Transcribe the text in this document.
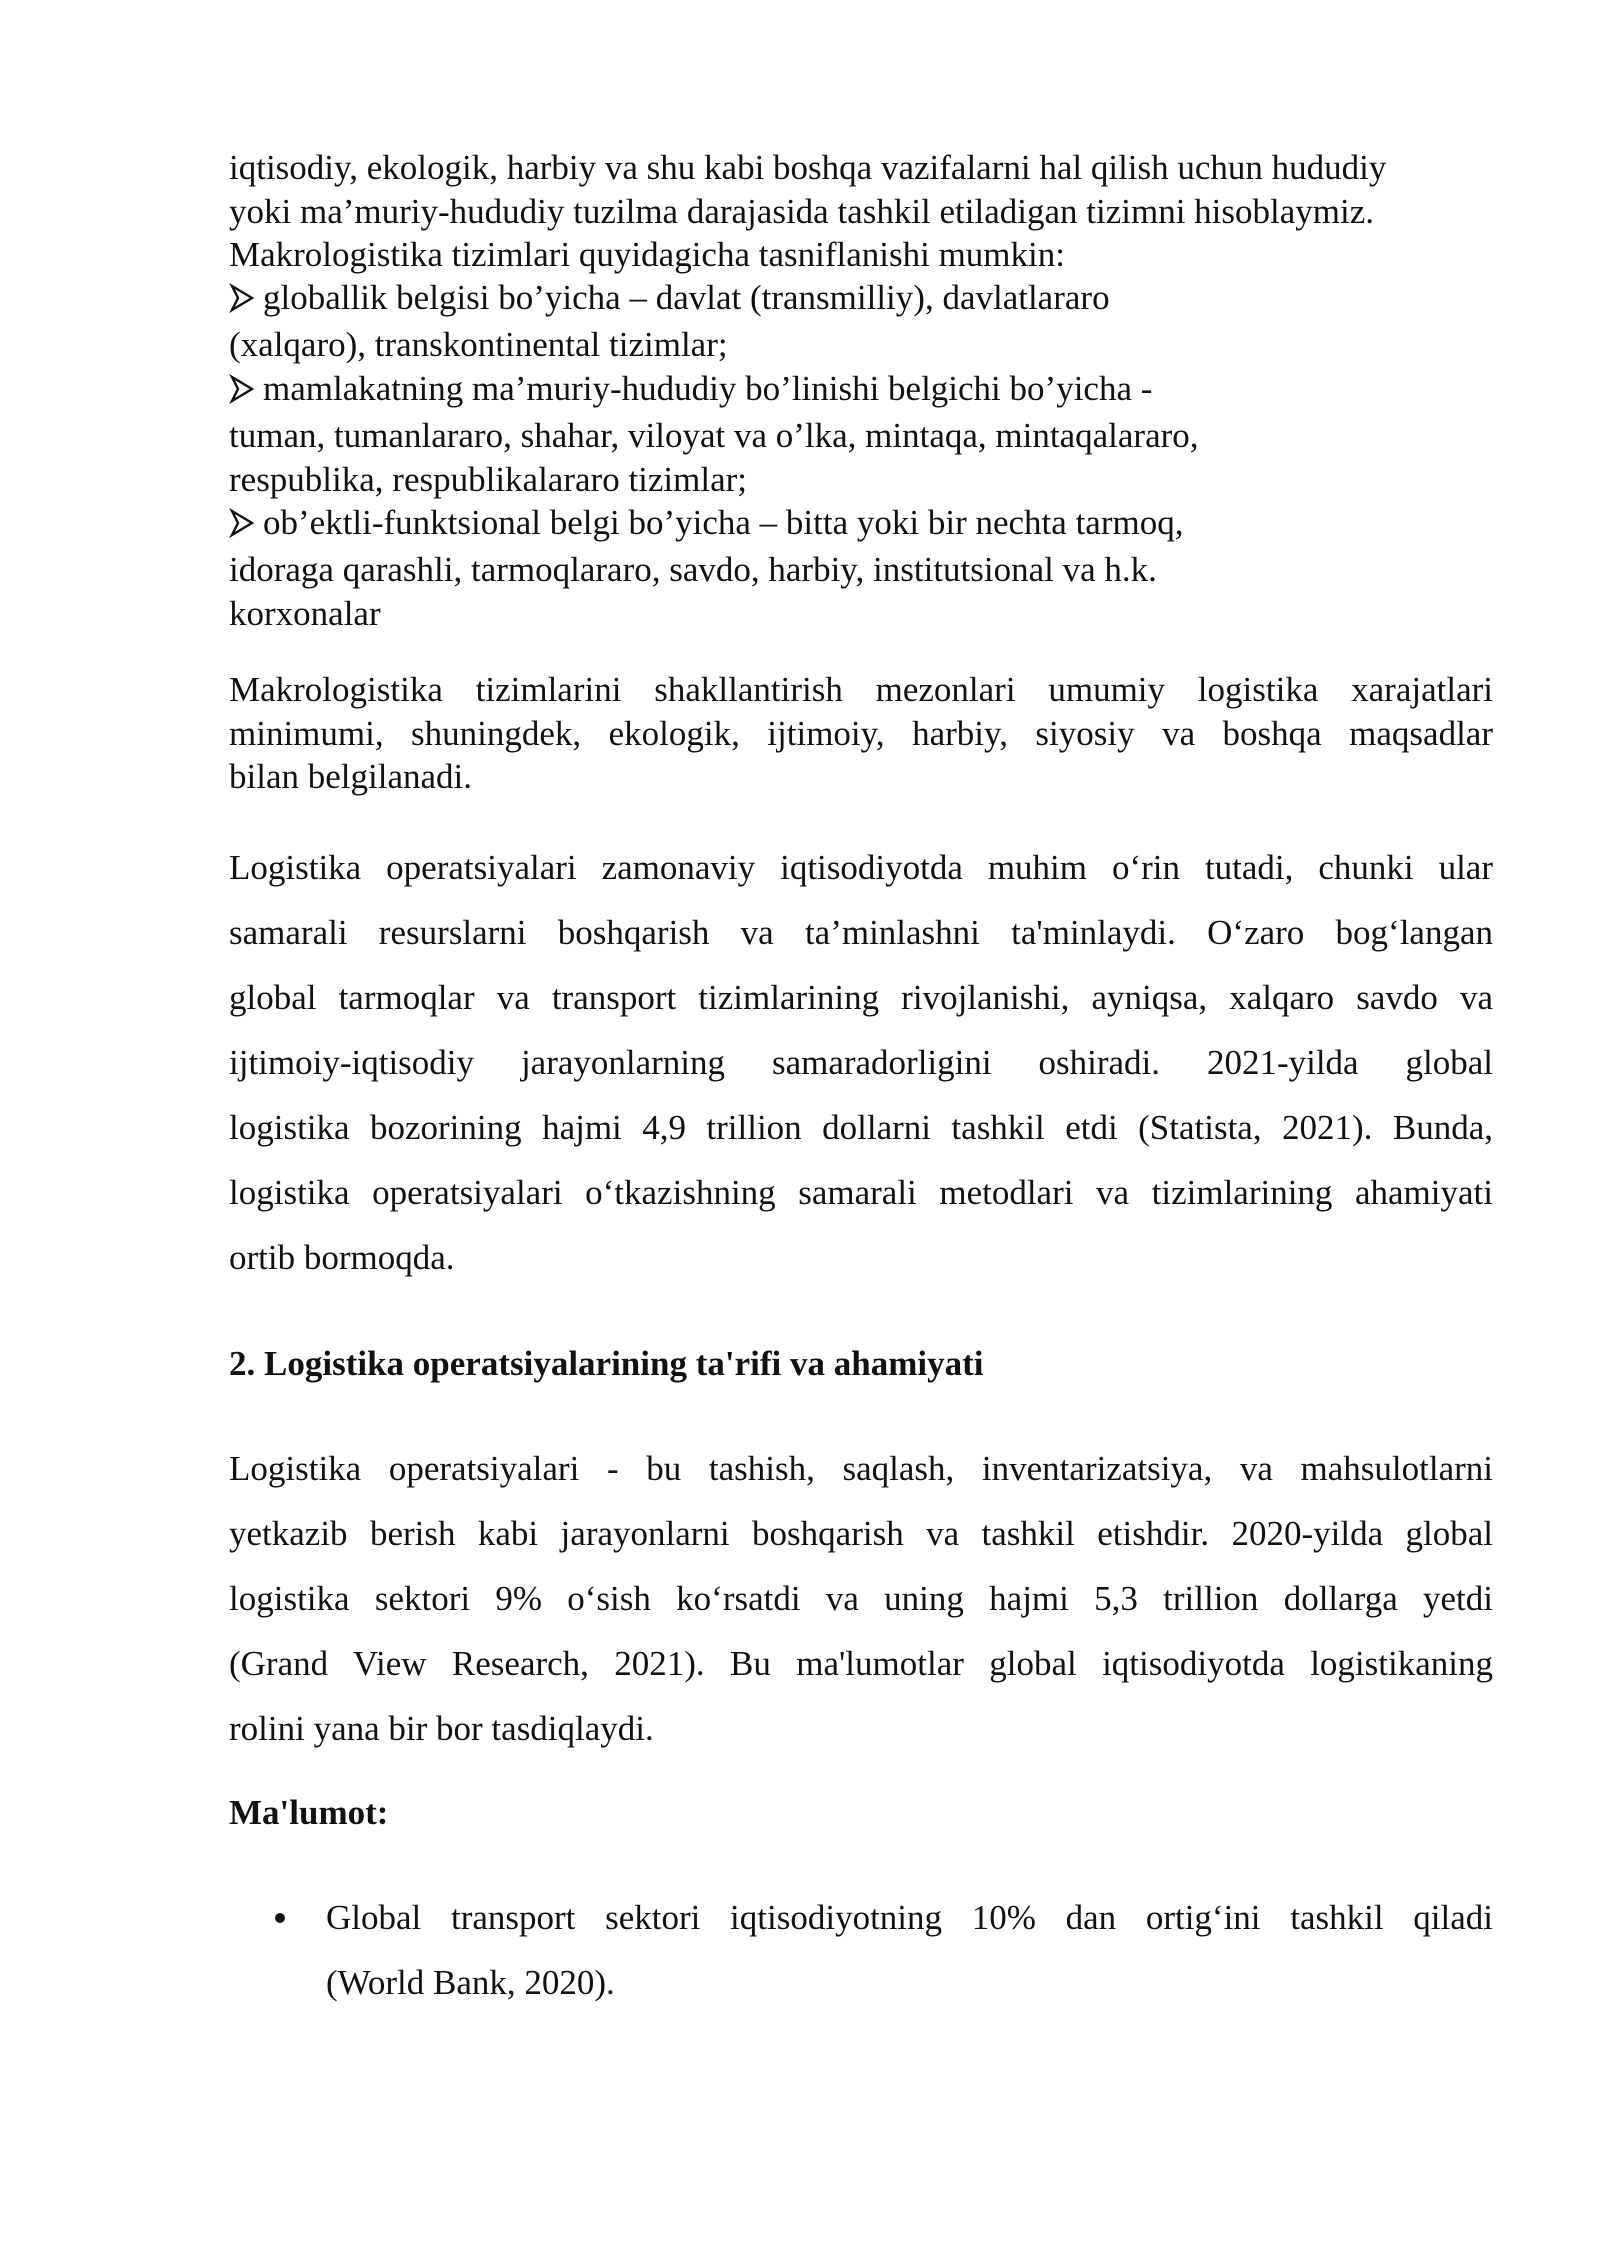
iqtisodiy, ekologik, harbiy va shu kabi boshqa vazifalarni hal qilish uchun hududiy
yoki ma’muriy-hududiy tuzilma darajasida tashkil etiladigan tizimni hisoblaymiz.
Makrologistika tizimlari quyidagicha tasniflanishi mumkin:
globallik belgisi bo’yicha – davlat (transmilliy), davlatlararo
(xalqaro), transkontinental tizimlar;
mamlakatning ma’muriy-hududiy bo’linishi belgichi bo’yicha -
tuman, tumanlararo, shahar, viloyat va o’lka, mintaqa, mintaqalararo,
respublika, respublikalararo tizimlar;
ob’ektli-funktsional belgi bo’yicha – bitta yoki bir nechta tarmoq,
idoraga qarashli, tarmoqlararo, savdo, harbiy, institutsional va h.k.
korxonalar
Makrologistika tizimlarini shakllantirish mezonlari umumiy logistika xarajatlari
minimumi, shuningdek, ekologik, ijtimoiy, harbiy, siyosiy va boshqa maqsadlar
bilan belgilanadi.
Logistika operatsiyalari zamonaviy iqtisodiyotda muhim o‘rin tutadi, chunki ular
samarali resurslarni boshqarish va ta’minlashni ta'minlaydi. O‘zaro bog‘langan
global tarmoqlar va transport tizimlarining rivojlanishi, ayniqsa, xalqaro savdo va
ijtimoiy-iqtisodiy jarayonlarning samaradorligini oshiradi. 2021-yilda global
logistika bozorining hajmi 4,9 trillion dollarni tashkil etdi (Statista, 2021). Bunda,
logistika operatsiyalari o‘tkazishning samarali metodlari va tizimlarining ahamiyati
ortib bormoqda.
2. Logistika operatsiyalarining ta'rifi va ahamiyati
Logistika operatsiyalari - bu tashish, saqlash, inventarizatsiya, va mahsulotlarni
yetkazib berish kabi jarayonlarni boshqarish va tashkil etishdir. 2020-yilda global
logistika sektori 9% o‘sish ko‘rsatdi va uning hajmi 5,3 trillion dollarga yetdi
(Grand View Research, 2021). Bu ma'lumotlar global iqtisodiyotda logistikaning
rolini yana bir bor tasdiqlaydi.
Ma'lumot:
Global transport sektori iqtisodiyotning 10% dan ortig‘ini tashkil qiladi
(World Bank, 2020).
